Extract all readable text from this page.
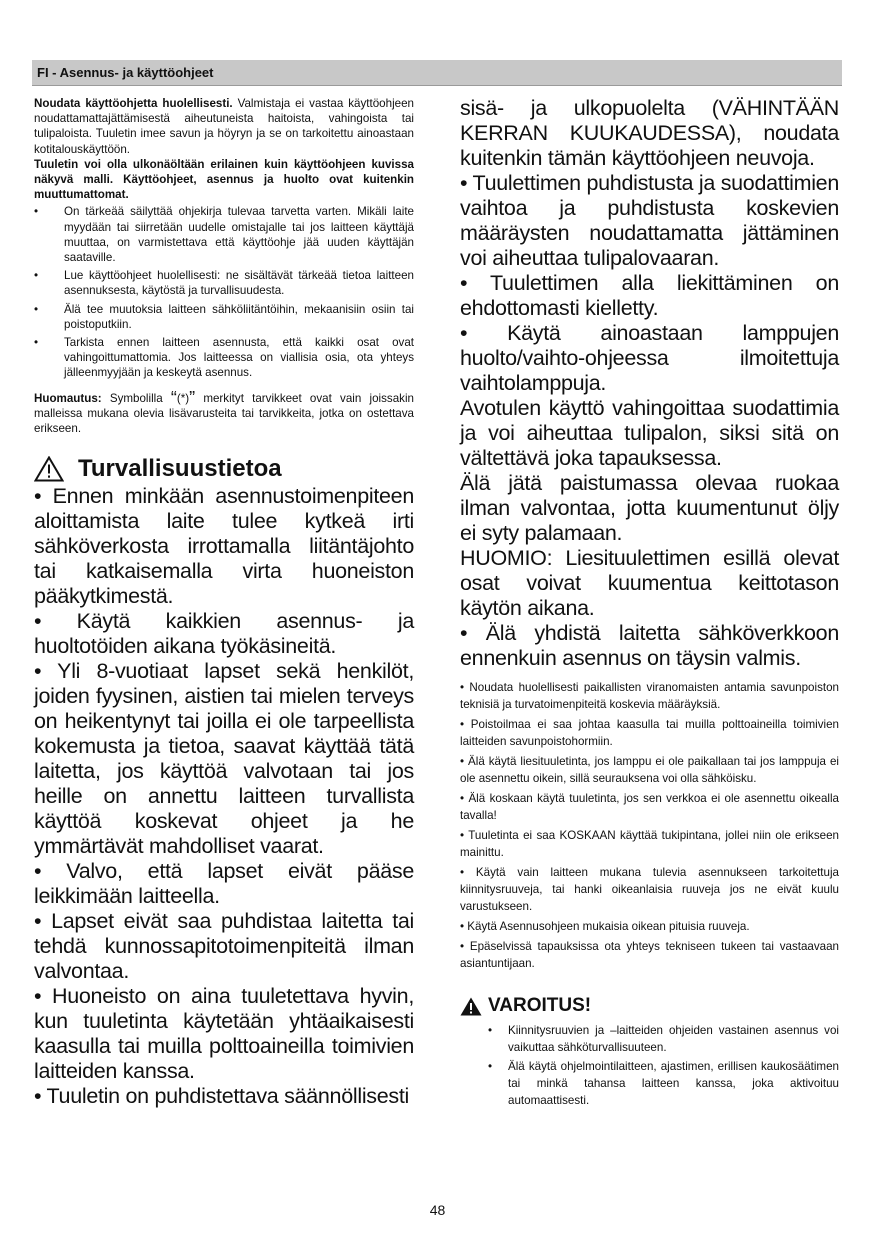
FI - Asennus- ja käyttöohjeet
Noudata käyttöohjetta huolellisesti. Valmistaja ei vastaa käyttöohjeen noudattamattajättämisestä aiheutuneista haitoista, vahingoista tai tulipaloista. Tuuletin imee savun ja höyryn ja se on tarkoitettu ainoastaan kotitalouskäyttöön.
Tuuletin voi olla ulkonäöltään erilainen kuin käyttöohjeen kuvissa näkyvä malli. Käyttöohjeet, asennus ja huolto ovat kuitenkin muuttumattomat.
• On tärkeää säilyttää ohjekirja tulevaa tarvetta varten. Mikäli laite myydään tai siirretään uudelle omistajalle tai jos laitteen käyttäjä muuttaa, on varmistettava että käyttöohje jää uuden käyttäjän saataville.
• Lue käyttöohjeet huolellisesti: ne sisältävät tärkeää tietoa laitteen asennuksesta, käytöstä ja turvallisuudesta.
• Älä tee muutoksia laitteen sähköliitäntöihin, mekaanisiin osiin tai poistoputkiin.
• Tarkista ennen laitteen asennusta, että kaikki osat ovat vahingoittumattomia. Jos laitteessa on viallisia osia, ota yhteys jälleenmyyjään ja keskeytä asennus.
Huomautus: Symbolilla “(*)” merkityt tarvikkeet ovat vain joissakin malleissa mukana olevia lisävarusteita tai tarvikkeita, jotka on ostettava erikseen.
Turvallisuustietoa

• Ennen minkään asennustoimenpiteen aloittamista laite tulee kytkeä irti sähköverkosta irrottamalla liitäntäjohto tai katkaisemalla virta huoneiston pääkytkimestä.

• Käytä kaikkien asennus- ja huoltotöiden aikana työkäsineitä.

• Yli 8-vuotiaat lapset sekä henkilöt, joiden fyysinen, aistien tai mielen terveys on heikentynyt tai joilla ei ole tarpeellista kokemusta ja tietoa, saavat käyttää tätä laitetta, jos käyttöä valvotaan tai jos heille on annettu laitteen turvallista käyttöä koskevat ohjeet ja he ymmärtävät mahdolliset vaarat.

• Valvo, että lapset eivät pääse leikkimään laitteella.

• Lapset eivät saa puhdistaa laitetta tai tehdä kunnossapitotoimenpiteitä ilman valvontaa.

• Huoneisto on aina tuuletettava hyvin, kun tuuletinta käytetään yhtäaikaisesti kaasulla tai muilla polttoaineilla toimivien laitteiden kanssa.

• Tuuletin on puhdistettava säännöllisesti

sisä- ja ulkopuolelta (VÄHINTÄÄN KERRAN KUUKAUDESSA), noudata kuitenkin tämän käyttöohjeen neuvoja.

• Tuulettimen puhdistusta ja suodattimien vaihtoa ja puhdistusta koskevien määräysten noudattamatta jättäminen voi aiheuttaa tulipalovaaran.

• Tuulettimen alla liekittäminen on ehdottomasti kielletty.

• Käytä ainoastaan lamppujen huolto/vaihto-ohjeessa ilmoitettuja vaihtolamppuja.

Avotulen käyttö vahingoittaa suodattimia ja voi aiheuttaa tulipalon, siksi sitä on vältettävä joka tapauksessa.

Älä jätä paistumassa olevaa ruokaa ilman valvontaa, jotta kuumentunut öljy ei syty palamaan.

HUOMIO: Liesituulettimen esillä olevat osat voivat kuumentua keittotason käytön aikana.

• Älä yhdistä laitetta sähköverkkoon ennenkuin asennus on täysin valmis.

• Noudata huolellisesti paikallisten viranomaisten antamia savunpoiston teknisiä ja turvatoimenpiteitä koskevia määräyksiä.

• Poistoilmaa ei saa johtaa kaasulla tai muilla polttoaineilla toimivien laitteiden savunpoistohormiin.

• Älä käytä liesituuletinta, jos lamppu ei ole paikallaan tai jos lamppuja ei ole asennettu oikein, sillä seurauksena voi olla sähköisku.

• Älä koskaan käytä tuuletinta, jos sen verkkoa ei ole asennettu oikealla tavalla!

• Tuuletinta ei saa KOSKAAN käyttää tukipintana, jollei niin ole erikseen mainittu.

• Käytä vain laitteen mukana tulevia asennukseen tarkoitettuja kiinnitysruuveja, tai hanki oikeanlaisia ruuveja jos ne eivät kuulu varustukseen.

• Käytä Asennusohjeen mukaisia oikean pituisia ruuveja.

• Epäselvissä tapauksissa ota yhteys tekniseen tukeen tai vastaavaan asiantuntijaan.

VAROITUS!
• Kiinnitysruuvien ja –laitteiden ohjeiden vastainen asennus voi vaikuttaa sähköturvallisuuteen.
• Älä käytä ohjelmointilaitteen, ajastimen, erillisen kaukosäätimen tai minkä tahansa laitteen kanssa, joka aktivoituu automaattisesti.
48
